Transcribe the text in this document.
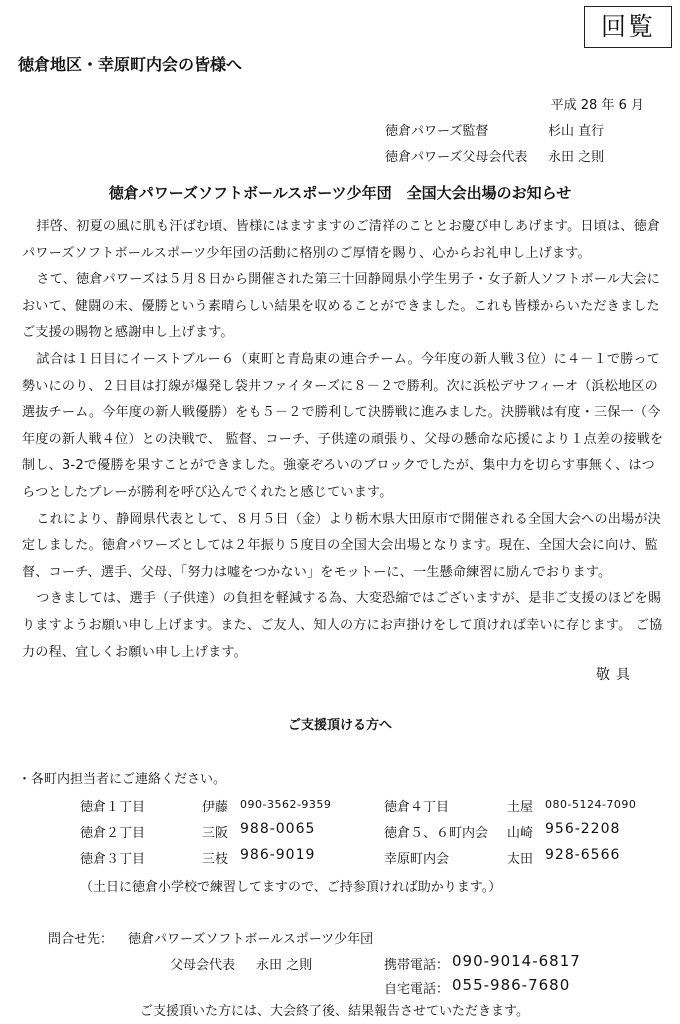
回覧
徳倉地区・幸原町内会の皆様へ
平成 28 年 6 月
徳倉パワーズ監督	杉山 直行
徳倉パワーズ父母会代表 永田 之則
徳倉パワーズソフトボールスポーツ少年団　全国大会出場のお知らせ

拝啓、初夏の風に肌も汗ばむ頃、皆様にはますますのご清祥のこととお慶び申しあげます。日頃は、徳倉パワーズソフトボールスポーツ少年団の活動に格別のご厚情を賜り、心からお礼申し上げます。

さて、徳倉パワーズは５月８日から開催された第三十回静岡県小学生男子・女子新人ソフトボール大会において、健闘の末、優勝という素晴らしい結果を収めることができました。これも皆様からいただきましたご支援の賜物と感謝申し上げます。

試合は１日目にイーストブルー６（東町と青島東の連合チーム。今年度の新人戦３位）に４－１で勝って勢いにのり、２日目は打線が爆発し袋井ファイターズに８－２で勝利。次に浜松デサフィーオ（浜松地区の選抜チーム。今年度の新人戦優勝）をも５－２で勝利して決勝戦に進みました。決勝戦は有度・三保一（今年度の新人戦４位）との決戦で、 監督、コーチ、子供達の頑張り、父母の懸命な応援により１点差の接戦を制し、3-2で優勝を果すことができました。強豪ぞろいのブロックでしたが、集中力を切らす事無く、はつらつとしたプレーが勝利を呼び込んでくれたと感じています。

これにより、静岡県代表として、８月５日（金）より栃木県大田原市で開催される全国大会への出場が決定しました。徳倉パワーズとしては２年振り５度目の全国大会出場となります。現在、全国大会に向け、監督、コーチ、選手、父母、「努力は嘘をつかない」をモットーに、一生懸命練習に励んでおります。

つきましては、選手（子供達）の負担を軽減する為、大変恐縮ではございますが、是非ご支援のほどを賜りますようお願い申し上げます。また、ご友人、知人の方にお声掛けをして頂ければ幸いに存じます。 ご協力の程、宜しくお願い申し上げます。

敬具
ご支援頂ける方へ
・各町内担当者にご連絡ください。
徳倉１丁目	伊藤 090-3562-9359
徳倉２丁目	三阪 988-0065
徳倉３丁目	三枝 986-9019
徳倉４丁目	土屋 080-5124-7090
徳倉５、６町内会 山崎 956-2208
幸原町内会	太田 928-6566
（土日に徳倉小学校で練習してますので、ご持参頂ければ助かります。）
問合せ先： 徳倉パワーズソフトボールスポーツ少年団
父母会代表 永田 之則	携帯電話： 090-9014-6817
自宅電話： 055-986-7680
ご支援頂いた方には、大会終了後、結果報告させていただきます。
